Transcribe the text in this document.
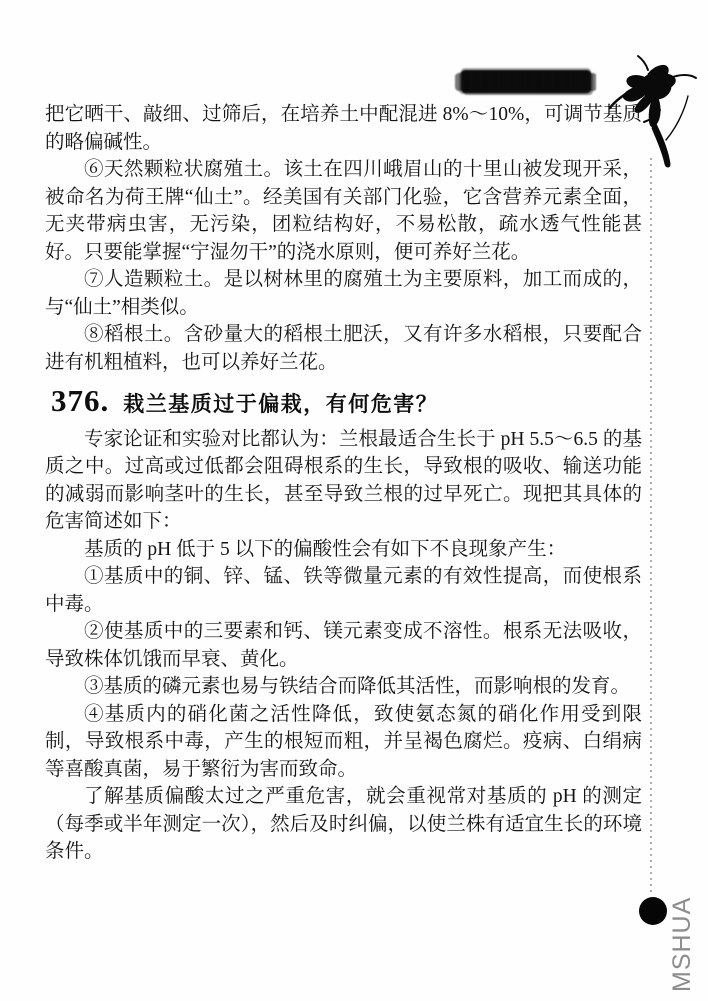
把它晒干、敲细、过筛后，在培养土中配混进 8%～10%，可调节基质的略偏碱性。

⑥天然颗粒状腐殖土。该土在四川峨眉山的十里山被发现开采，被命名为荷王牌“仙土”。经美国有关部门化验，它含营养元素全面，无夹带病虫害，无污染，团粒结构好，不易松散，疏水透气性能甚好。只要能掌握“宁湿勿干”的浇水原则，便可养好兰花。

⑦人造颗粒土。是以树林里的腐殖土为主要原料，加工而成的，与“仙土”相类似。

⑧稻根土。含砂量大的稻根土肥沃，又有许多水稻根，只要配合进有机粗植料，也可以养好兰花。

376. 栽兰基质过于偏栽，有何危害？

专家论证和实验对比都认为：兰根最适合生长于 pH 5.5～6.5 的基质之中。过高或过低都会阻碍根系的生长，导致根的吸收、输送功能的减弱而影响茎叶的生长，甚至导致兰根的过早死亡。现把其具体的危害简述如下：

基质的 pH 低于 5 以下的偏酸性会有如下不良现象产生：

①基质中的铜、锌、锰、铁等微量元素的有效性提高，而使根系中毒。

②使基质中的三要素和钙、镁元素变成不溶性。根系无法吸收，导致株体饥饿而早衰、黄化。

③基质的磷元素也易与铁结合而降低其活性，而影响根的发育。

④基质内的硝化菌之活性降低，致使氨态氮的硝化作用受到限制，导致根系中毒，产生的根短而粗，并呈褐色腐烂。疫病、白绢病等喜酸真菌，易于繁衍为害而致命。

了解基质偏酸太过之严重危害，就会重视常对基质的 pH 的测定（每季或半年测定一次），然后及时纠偏，以使兰株有适宜生长的环境条件。

MSHUA
